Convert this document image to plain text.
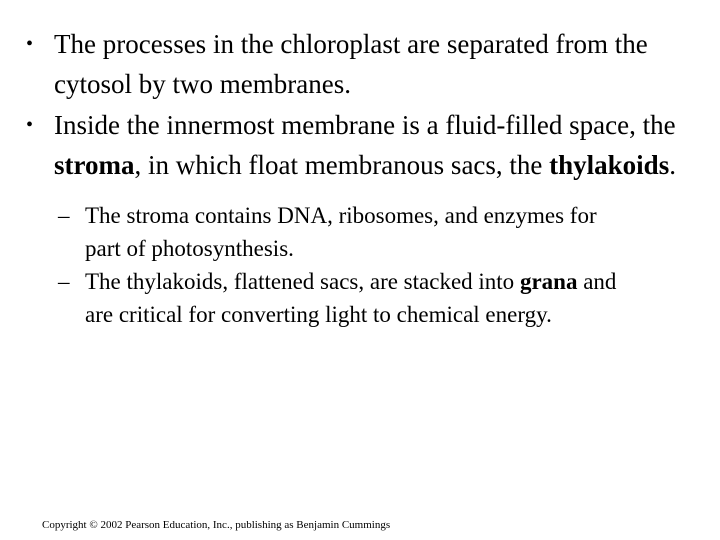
• The processes in the chloroplast are separated from the cytosol by two membranes.

• Inside the innermost membrane is a fluid-filled space, the stroma, in which float membranous sacs, the thylakoids.

– The stroma contains DNA, ribosomes, and enzymes for part of photosynthesis.

– The thylakoids, flattened sacs, are stacked into grana and are critical for converting light to chemical energy.

Copyright © 2002 Pearson Education, Inc., publishing as Benjamin Cummings
